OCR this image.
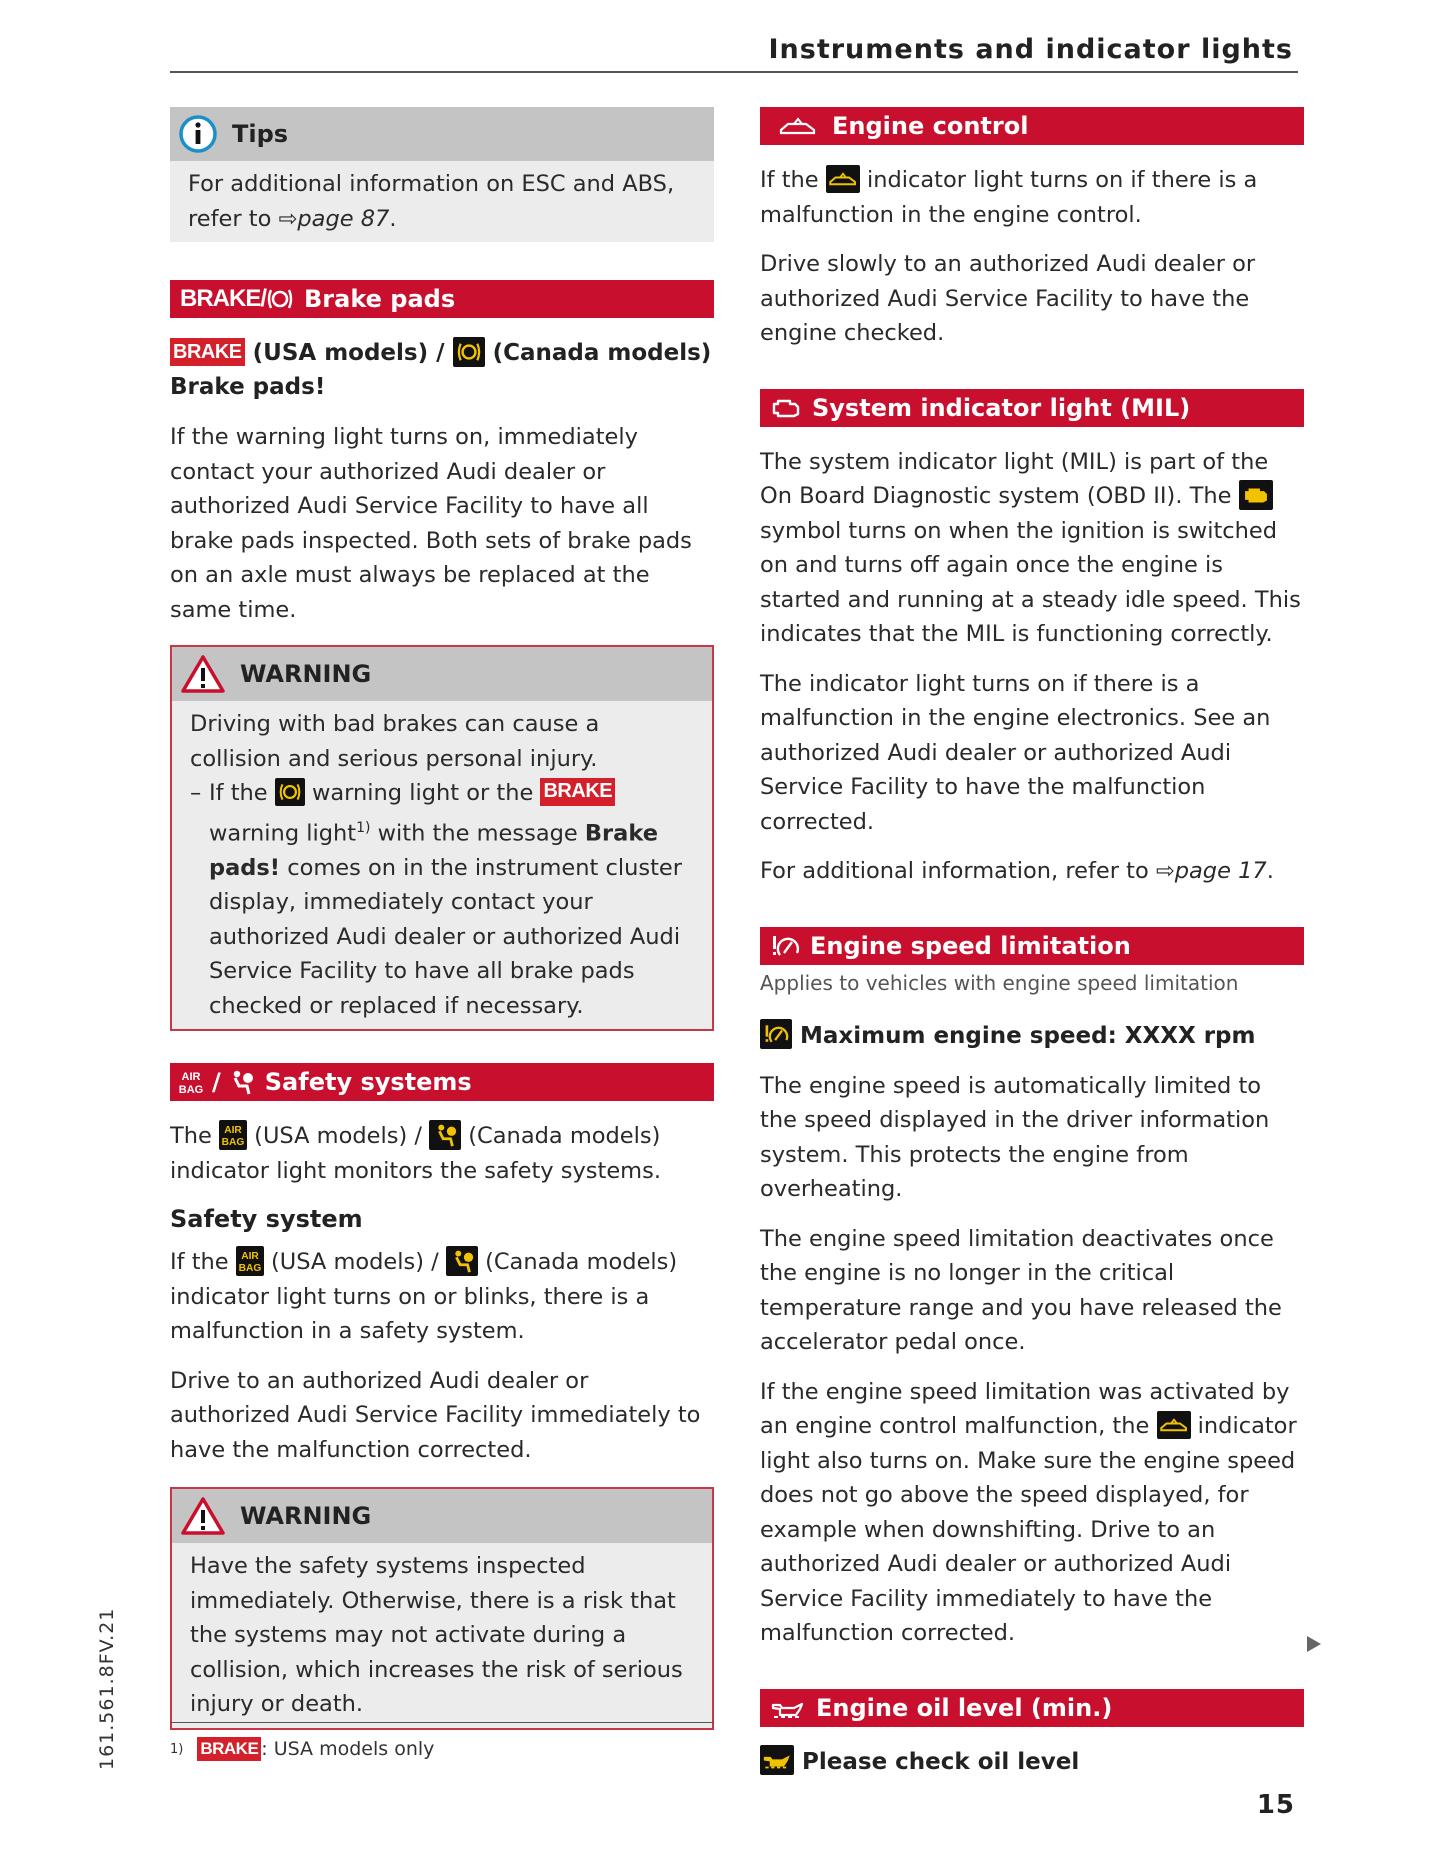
Instruments and indicator lights
Tips
For additional information on ESC and ABS, refer to ⇨page 87.
BRAKE/ Brake pads
BRAKE (USA models) / (Canada models)
Brake pads!

If the warning light turns on, immediately contact your authorized Audi dealer or authorized Audi Service Facility to have all brake pads inspected. Both sets of brake pads on an axle must always be replaced at the same time.

WARNING
Driving with bad brakes can cause a collision and serious personal injury.
– If the warning light or the BRAKE warning light$^{1)}$ with the message Brake pads! comes on in the instrument cluster display, immediately contact your authorized Audi dealer or authorized Audi Service Facility to have all brake pads checked or replaced if necessary.
AIR
BAG / Safety systems

The AIR
BAG (USA models) / (Canada models) indicator light monitors the safety systems.

Safety system

If the AIR
BAG (USA models) / (Canada models) indicator light turns on or blinks, there is a malfunction in a safety system.

Drive to an authorized Audi dealer or authorized Audi Service Facility immediately to have the malfunction corrected.

WARNING
Have the safety systems inspected immediately. Otherwise, there is a risk that the systems may not activate during a collision, which increases the risk of serious injury or death.
Engine control

If the indicator light turns on if there is a malfunction in the engine control.

Drive slowly to an authorized Audi dealer or authorized Audi Service Facility to have the engine checked.

System indicator light (MIL)

The system indicator light (MIL) is part of the On Board Diagnostic system (OBD II). The
symbol turns on when the ignition is switched on and turns off again once the engine is started and running at a steady idle speed. This indicates that the MIL is functioning correctly.

The indicator light turns on if there is a malfunction in the engine electronics. See an authorized Audi dealer or authorized Audi Service Facility to have the malfunction corrected.

For additional information, refer to ⇨page 17.

Engine speed limitation
Applies to vehicles with engine speed limitation
Maximum engine speed: XXXX rpm

The engine speed is automatically limited to the speed displayed in the driver information system. This protects the engine from overheating.

The engine speed limitation deactivates once the engine is no longer in the critical temperature range and you have released the accelerator pedal once.

If the engine speed limitation was activated by an engine control malfunction, the indicator light also turns on. Make sure the engine speed does not go above the speed displayed, for example when downshifting. Drive to an authorized Audi dealer or authorized Audi Service Facility immediately to have the malfunction corrected.

Engine oil level (min.)
Please check oil level
161.561.8FV.21	1) BRAKE : USA models only
15
